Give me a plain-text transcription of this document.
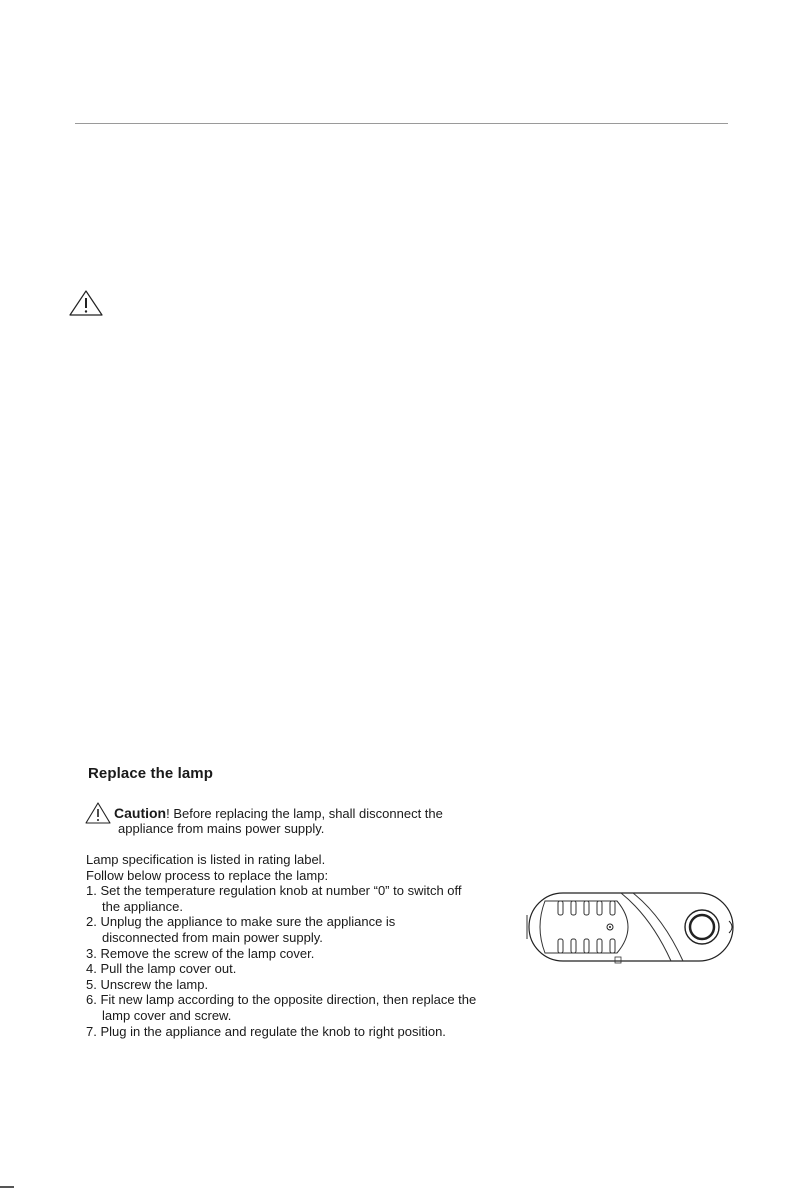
Replace the lamp
Caution! Before replacing the lamp, shall disconnect the
appliance from mains power supply.
Lamp specification is listed in rating label.
Follow below process to replace the lamp:
1. Set the temperature regulation knob at number “0” to switch off
the appliance.
2. Unplug the appliance to make sure the appliance is
disconnected from main power supply.
3. Remove the screw of the lamp cover.
4. Pull the lamp cover out.
5. Unscrew the lamp.
6. Fit new lamp according to the opposite direction, then replace the
lamp cover and screw.
7. Plug in the appliance and regulate the knob to right position.
